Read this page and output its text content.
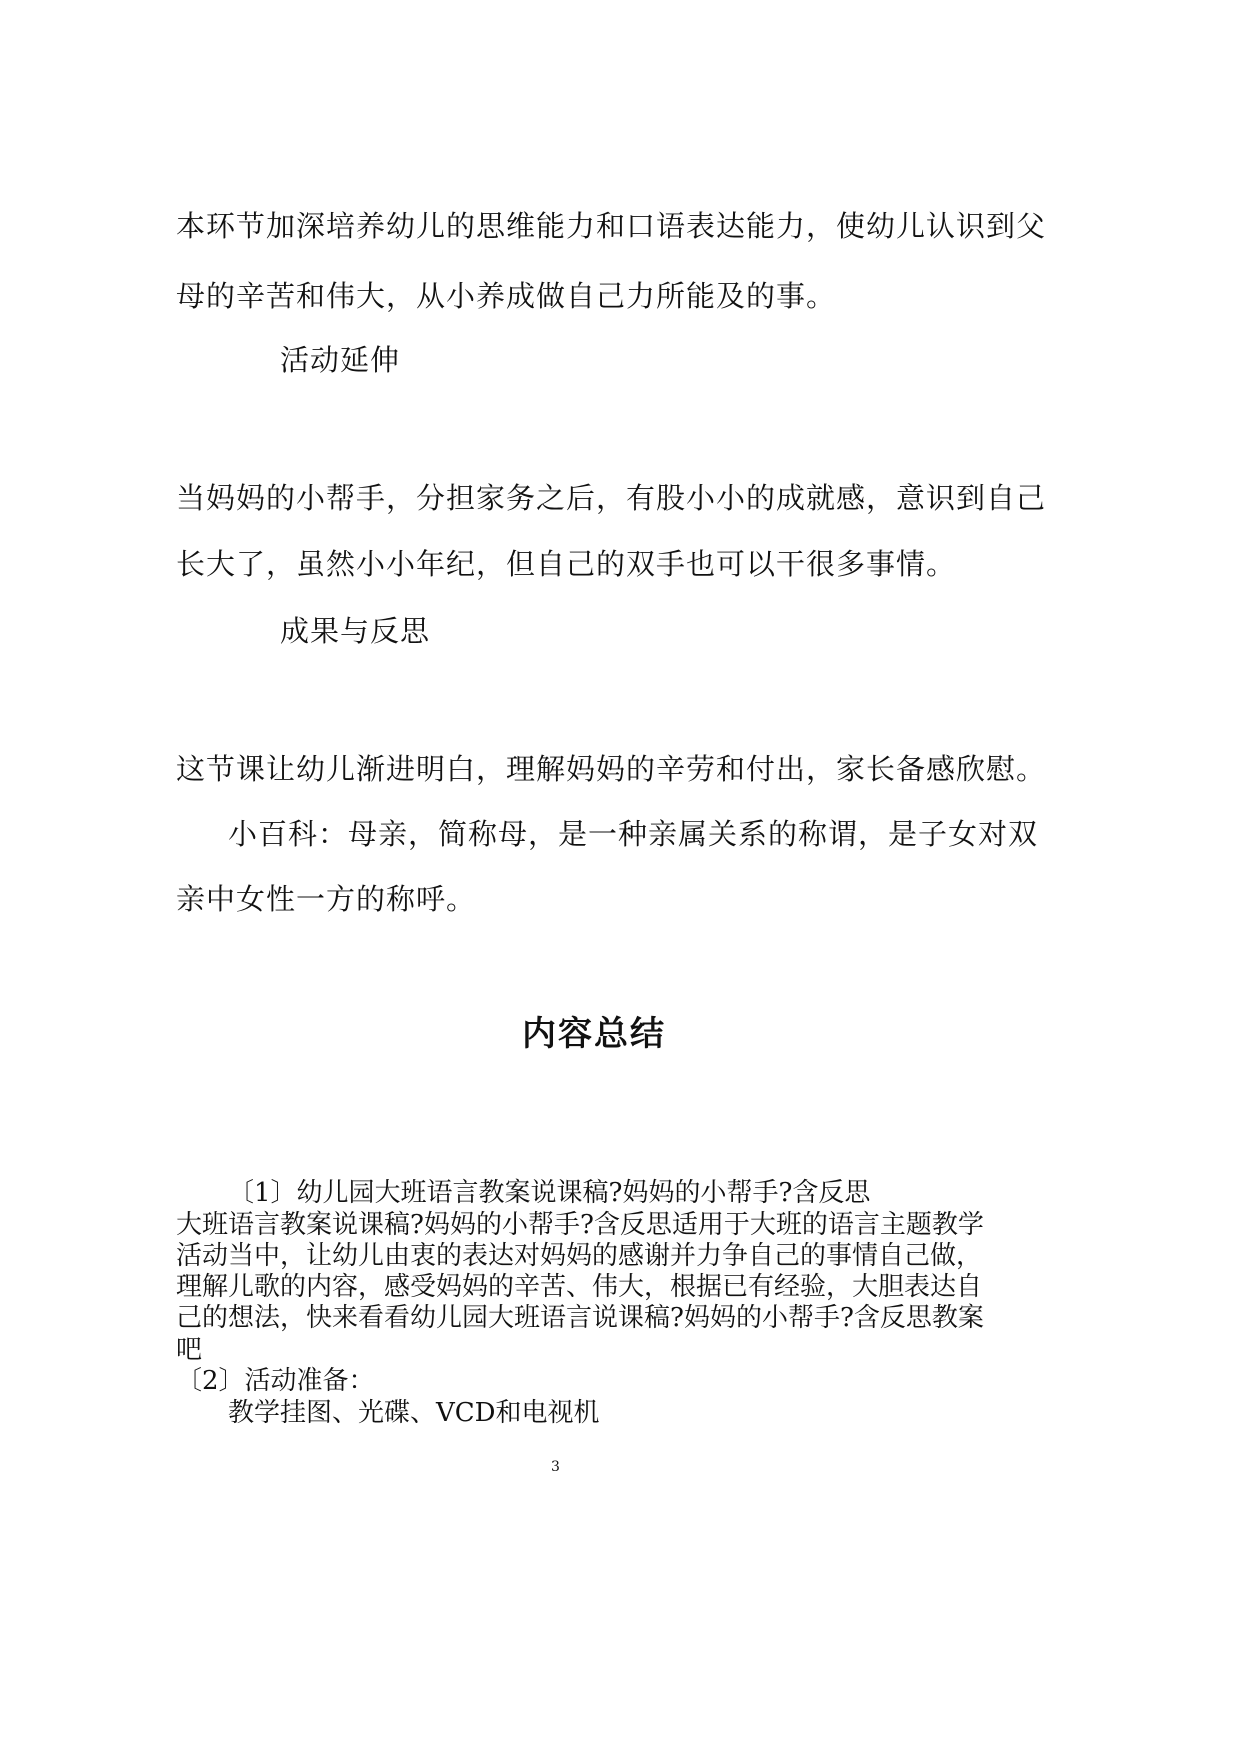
本环节加深培养幼儿的思维能力和口语表达能力，使幼儿认识到父
母的辛苦和伟大，从小养成做自己力所能及的事。
活动延伸
当妈妈的小帮手，分担家务之后，有股小小的成就感，意识到自己
长大了，虽然小小年纪，但自己的双手也可以干很多事情。
成果与反思
这节课让幼儿渐进明白，理解妈妈的辛劳和付出，家长备感欣慰。
小百科：母亲，简称母，是一种亲属关系的称谓，是子女对双
亲中女性一方的称呼。
内容总结
〔1〕幼儿园大班语言教案说课稿?妈妈的小帮手?含反思
大班语言教案说课稿?妈妈的小帮手?含反思适用于大班的语言主题教学
活动当中，让幼儿由衷的表达对妈妈的感谢并力争自己的事情自己做，
理解儿歌的内容，感受妈妈的辛苦、伟大，根据已有经验，大胆表达自
己的想法，快来看看幼儿园大班语言说课稿?妈妈的小帮手?含反思教案
吧
〔2〕活动准备：
教学挂图、光碟、VCD和电视机
3
